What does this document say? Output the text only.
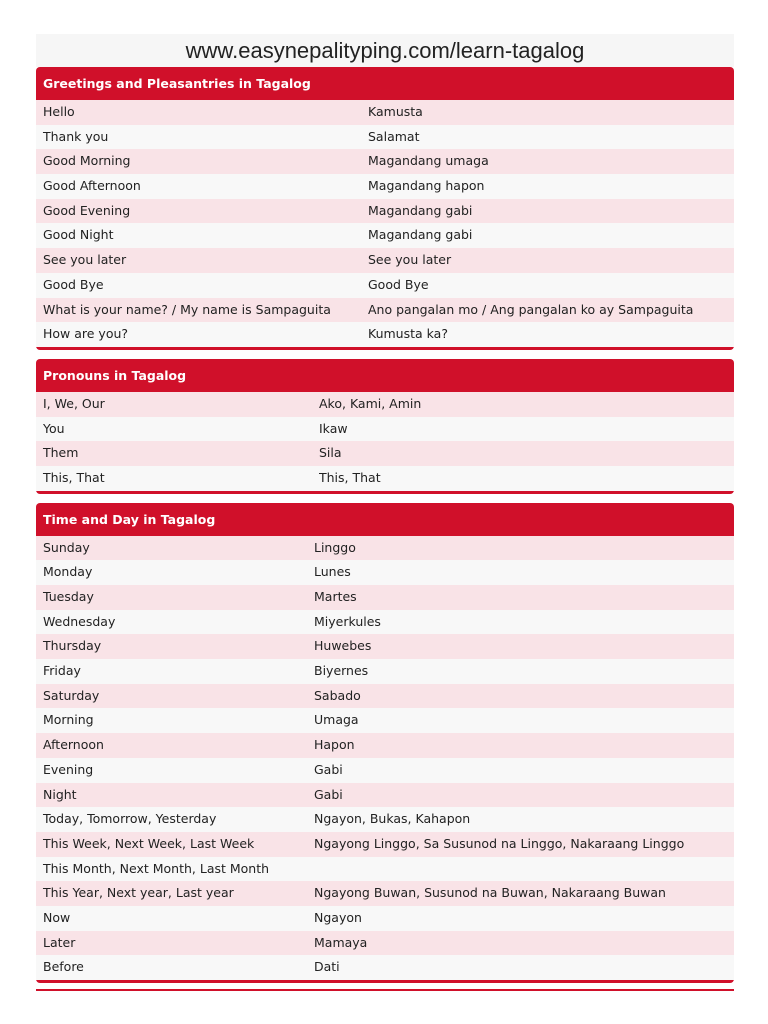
www.easynepalityping.com/learn-tagalog
Greetings and Pleasantries in Tagalog
Hello	Kamusta
Thank you	Salamat
Good Morning	Magandang umaga
Good Afternoon	Magandang hapon
Good Evening	Magandang gabi
Good Night	Magandang gabi
See you later	See you later
Good Bye	Good Bye
What is your name? / My name is Sampaguita	Ano pangalan mo / Ang pangalan ko ay Sampaguita
How are you?	Kumusta ka?
Pronouns in Tagalog
I, We, Our	Ako, Kami, Amin
You	Ikaw
Them	Sila
This, That	This, That
Time and Day in Tagalog
Sunday	Linggo
Monday	Lunes
Tuesday	Martes
Wednesday	Miyerkules
Thursday	Huwebes
Friday	Biyernes
Saturday	Sabado
Morning	Umaga
Afternoon	Hapon
Evening	Gabi
Night	Gabi
Today, Tomorrow, Yesterday	Ngayon, Bukas, Kahapon
This Week, Next Week, Last Week	Ngayong Linggo, Sa Susunod na Linggo, Nakaraang Linggo
This Month, Next Month, Last Month
This Year, Next year, Last year	Ngayong Buwan, Susunod na Buwan, Nakaraang Buwan
Now	Ngayon
Later	Mamaya
Before	Dati
